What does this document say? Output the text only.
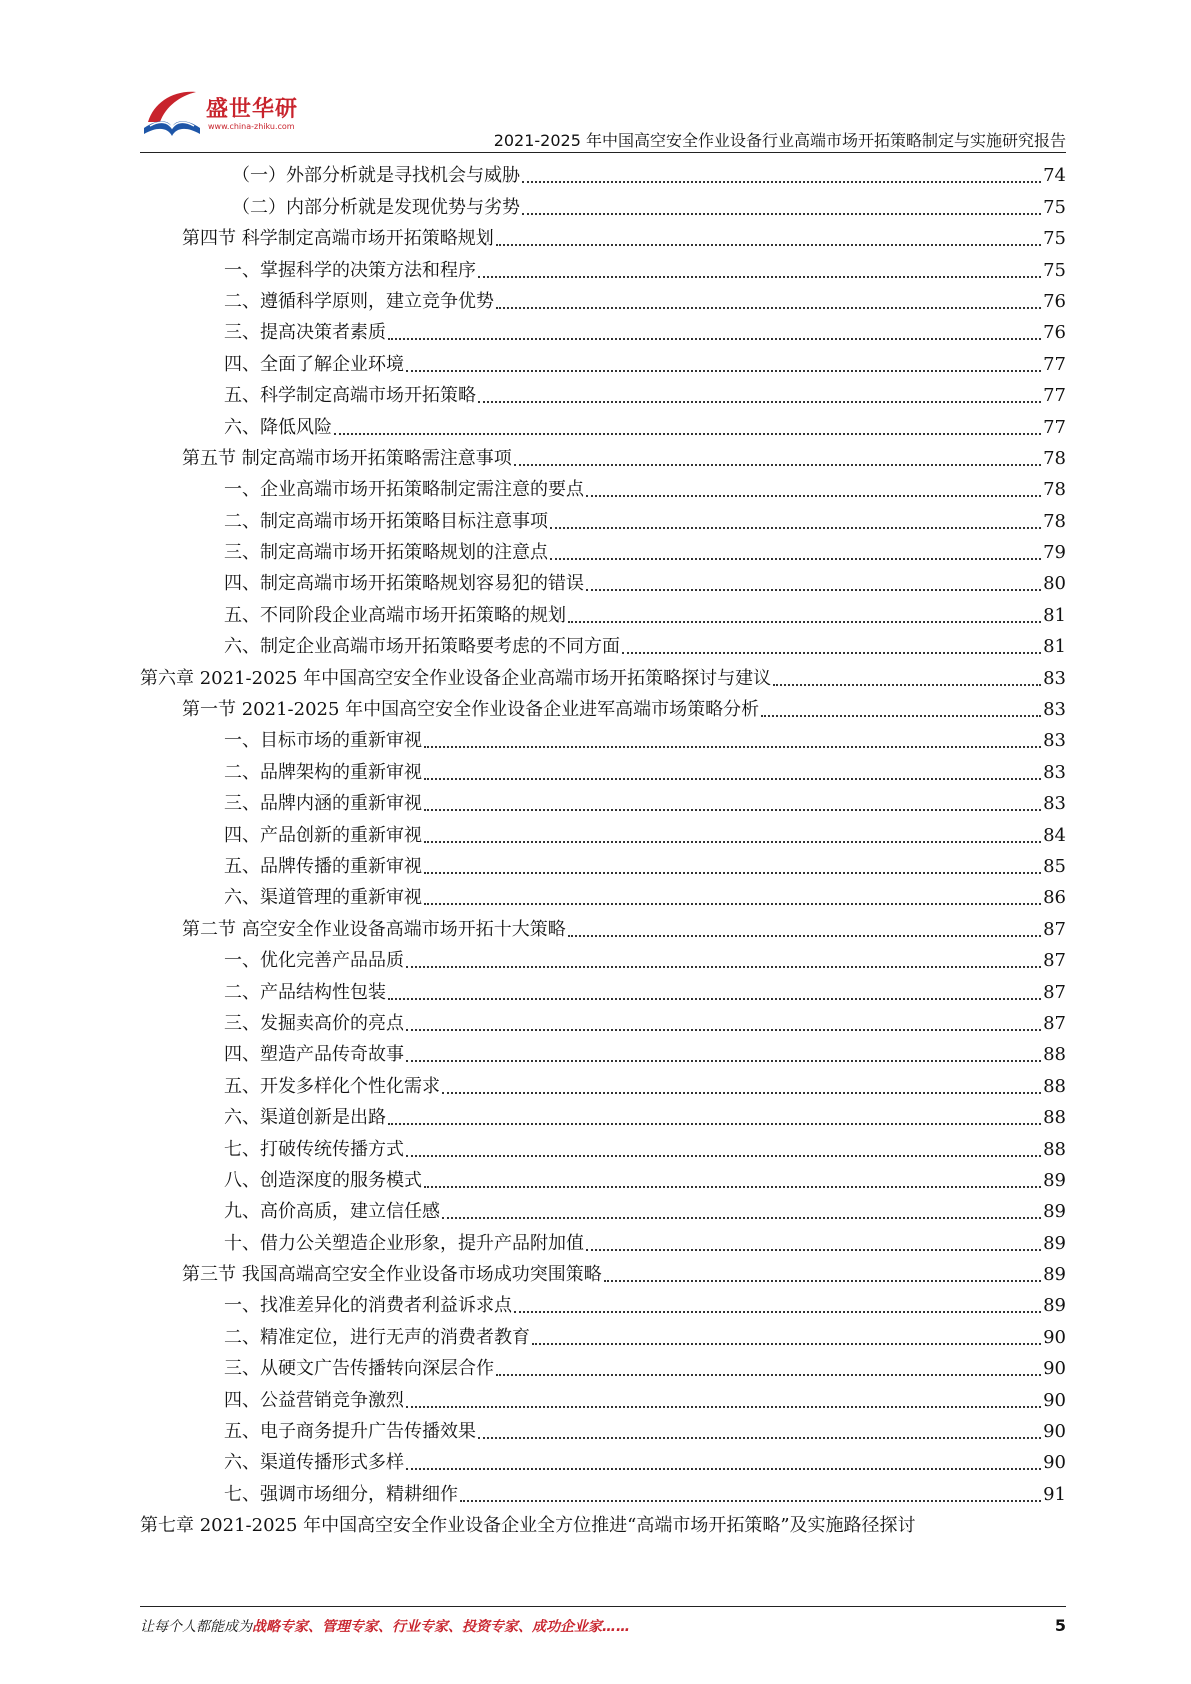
盛世华研
www.china-zhiku.com
2021-2025 年中国高空安全作业设备行业高端市场开拓策略制定与实施研究报告
（一）外部分析就是寻找机会与威胁	74
（二）内部分析就是发现优势与劣势	75
第四节 科学制定高端市场开拓策略规划	75
一、掌握科学的决策方法和程序	75
二、遵循科学原则，建立竞争优势	76
三、提高决策者素质	76
四、全面了解企业环境	77
五、科学制定高端市场开拓策略	77
六、降低风险	77
第五节 制定高端市场开拓策略需注意事项	78
一、企业高端市场开拓策略制定需注意的要点	78
二、制定高端市场开拓策略目标注意事项	78
三、制定高端市场开拓策略规划的注意点	79
四、制定高端市场开拓策略规划容易犯的错误	80
五、不同阶段企业高端市场开拓策略的规划	81
六、制定企业高端市场开拓策略要考虑的不同方面	81
第六章 2021-2025 年中国高空安全作业设备企业高端市场开拓策略探讨与建议	83
第一节 2021-2025 年中国高空安全作业设备企业进军高端市场策略分析	83
一、目标市场的重新审视	83
二、品牌架构的重新审视	83
三、品牌内涵的重新审视	83
四、产品创新的重新审视	84
五、品牌传播的重新审视	85
六、渠道管理的重新审视	86
第二节 高空安全作业设备高端市场开拓十大策略	87
一、优化完善产品品质	87
二、产品结构性包装	87
三、发掘卖高价的亮点	87
四、塑造产品传奇故事	88
五、开发多样化个性化需求	88
六、渠道创新是出路	88
七、打破传统传播方式	88
八、创造深度的服务模式	89
九、高价高质，建立信任感	89
十、借力公关塑造企业形象，提升产品附加值	89
第三节 我国高端高空安全作业设备市场成功突围策略	89
一、找准差异化的消费者利益诉求点	89
二、精准定位，进行无声的消费者教育	90
三、从硬文广告传播转向深层合作	90
四、公益营销竞争激烈	90
五、电子商务提升广告传播效果	90
六、渠道传播形式多样	90
七、强调市场细分，精耕细作	91
第七章 2021-2025 年中国高空安全作业设备企业全方位推进“高端市场开拓策略”及实施路径探讨
让每个人都能成为战略专家、管理专家、行业专家、投资专家、成功企业家……	5
